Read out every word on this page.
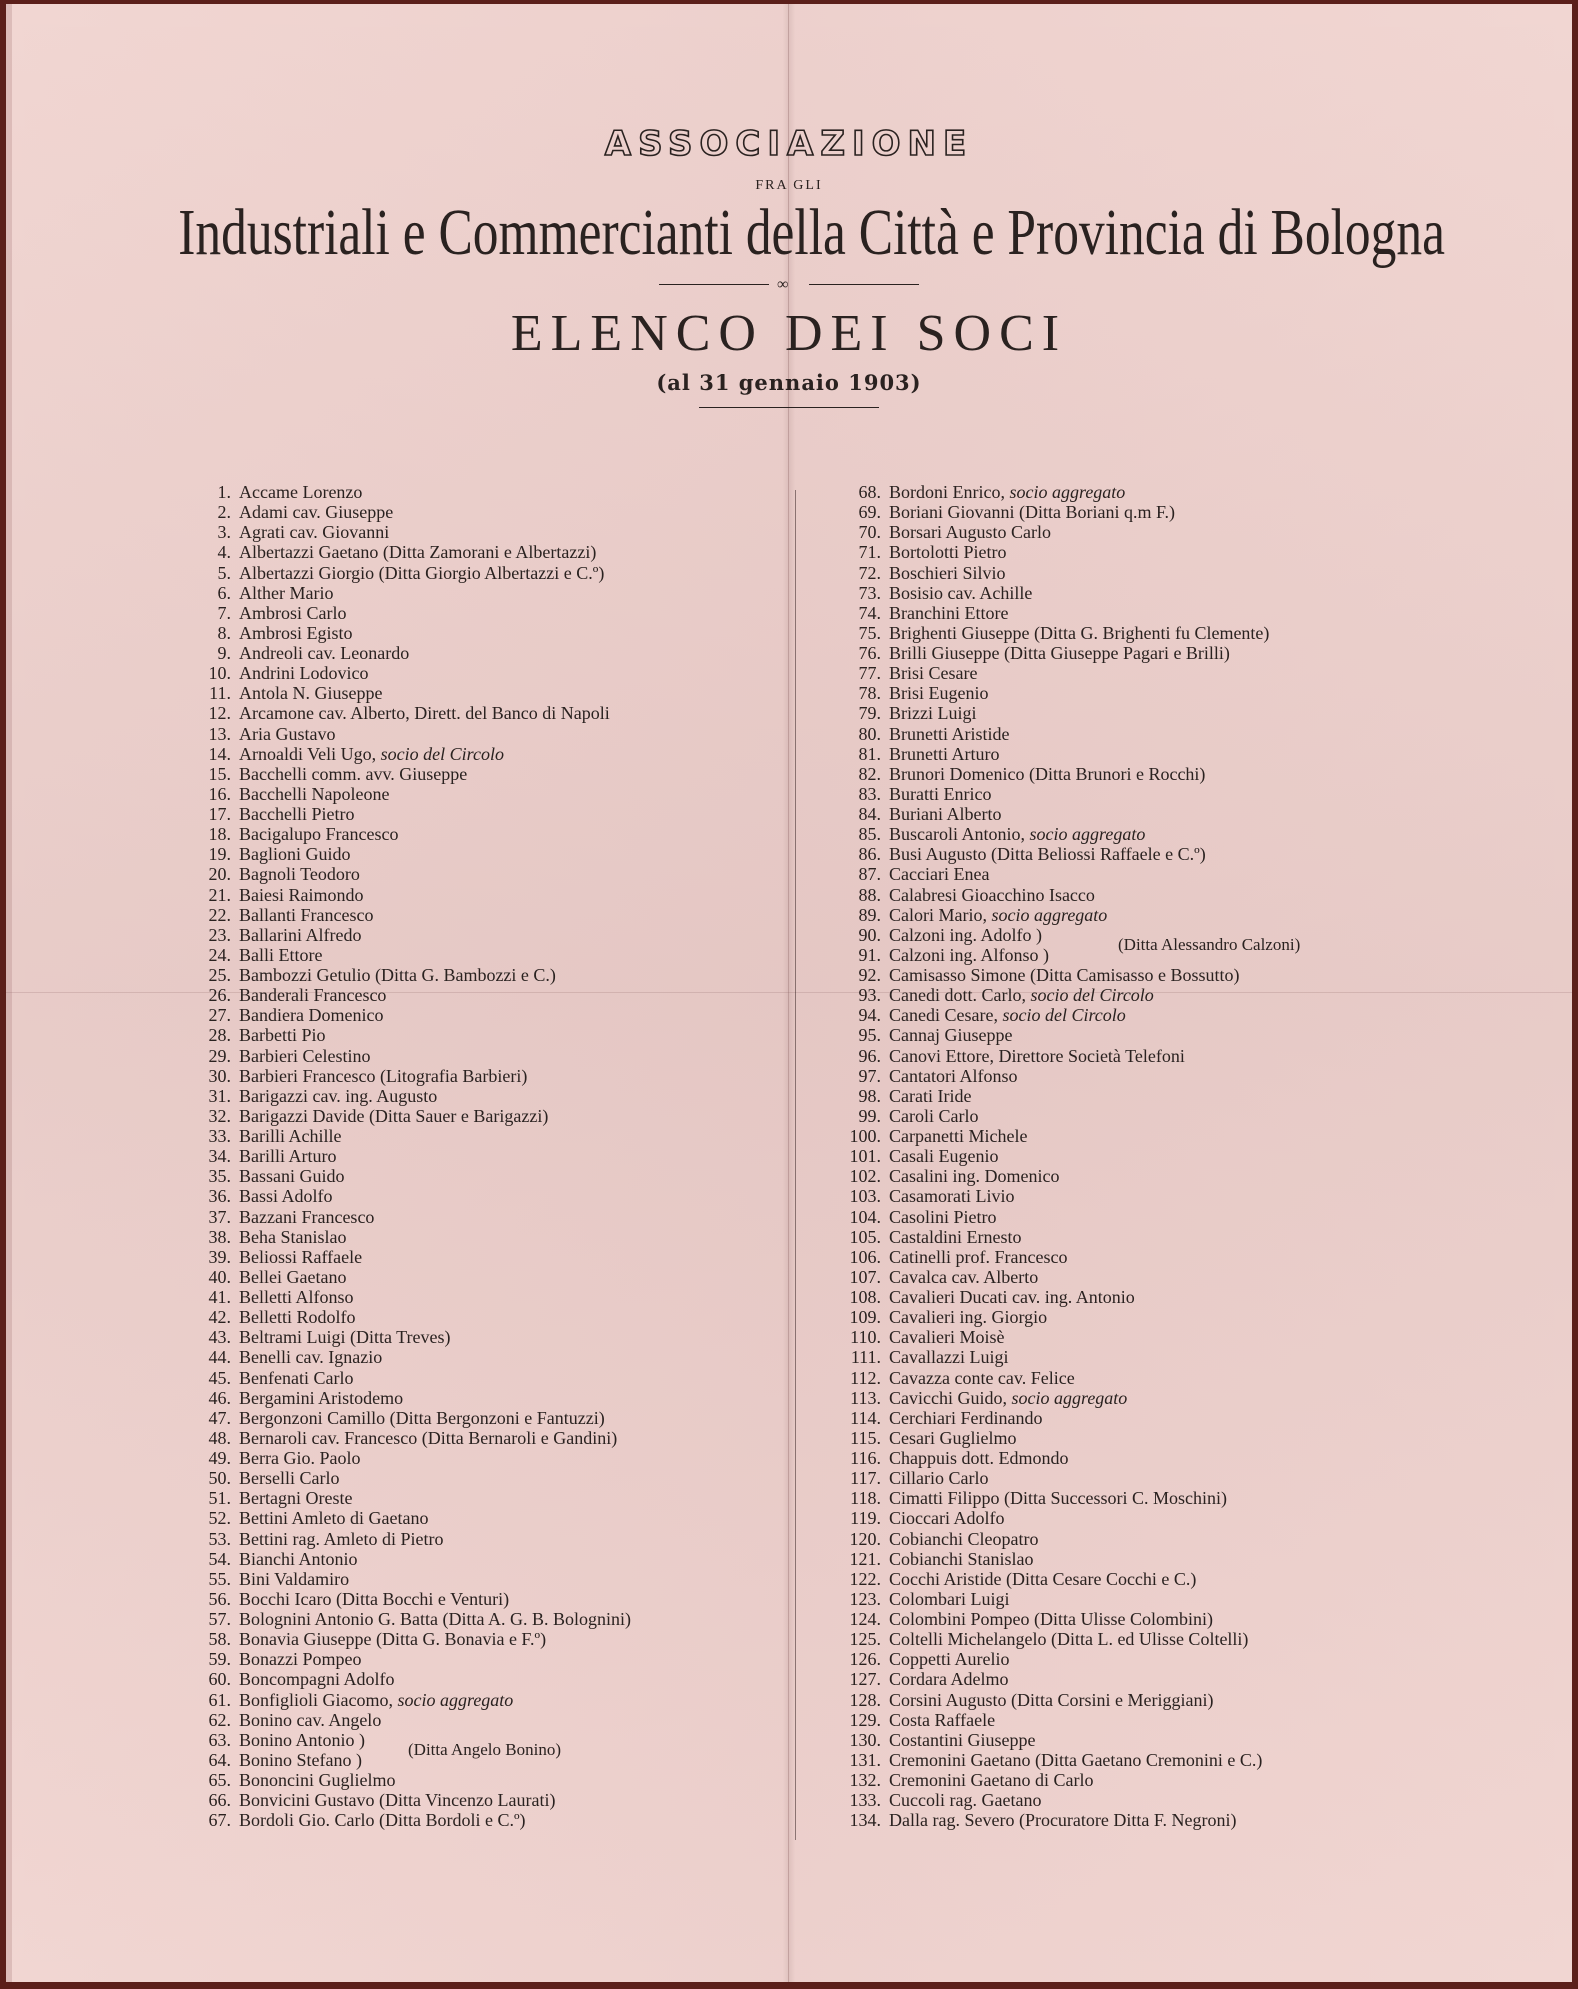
ASSOCIAZIONE
FRA GLI
Industriali e Commercianti della Città e Provincia di Bologna
∞
ELENCO DEI SOCI
(al 31 gennaio 1903)
1. Accame Lorenzo
2. Adami cav. Giuseppe
3. Agrati cav. Giovanni
4. Albertazzi Gaetano (Ditta Zamorani e Albertazzi)
5. Albertazzi Giorgio (Ditta Giorgio Albertazzi e C.º)
6. Alther Mario
7. Ambrosi Carlo
8. Ambrosi Egisto
9. Andreoli cav. Leonardo
10. Andrini Lodovico
11. Antola N. Giuseppe
12. Arcamone cav. Alberto, Dirett. del Banco di Napoli
13. Aria Gustavo
14. Arnoaldi Veli Ugo, socio del Circolo
15. Bacchelli comm. avv. Giuseppe
16. Bacchelli Napoleone
17. Bacchelli Pietro
18. Bacigalupo Francesco
19. Baglioni Guido
20. Bagnoli Teodoro
21. Baiesi Raimondo
22. Ballanti Francesco
23. Ballarini Alfredo
24. Balli Ettore
25. Bambozzi Getulio (Ditta G. Bambozzi e C.)
26. Banderali Francesco
27. Bandiera Domenico
28. Barbetti Pio
29. Barbieri Celestino
30. Barbieri Francesco (Litografia Barbieri)
31. Barigazzi cav. ing. Augusto
32. Barigazzi Davide (Ditta Sauer e Barigazzi)
33. Barilli Achille
34. Barilli Arturo
35. Bassani Guido
36. Bassi Adolfo
37. Bazzani Francesco
38. Beha Stanislao
39. Beliossi Raffaele
40. Bellei Gaetano
41. Belletti Alfonso
42. Belletti Rodolfo
43. Beltrami Luigi (Ditta Treves)
44. Benelli cav. Ignazio
45. Benfenati Carlo
46. Bergamini Aristodemo
47. Bergonzoni Camillo (Ditta Bergonzoni e Fantuzzi)
48. Bernaroli cav. Francesco (Ditta Bernaroli e Gandini)
49. Berra Gio. Paolo
50. Berselli Carlo
51. Bertagni Oreste
52. Bettini Amleto di Gaetano
53. Bettini rag. Amleto di Pietro
54. Bianchi Antonio
55. Bini Valdamiro
56. Bocchi Icaro (Ditta Bocchi e Venturi)
57. Bolognini Antonio G. Batta (Ditta A. G. B. Bolognini)
58. Bonavia Giuseppe (Ditta G. Bonavia e F.º)
59. Bonazzi Pompeo
60. Boncompagni Adolfo
61. Bonfiglioli Giacomo, socio aggregato
62. Bonino cav. Angelo
63. Bonino Antonio )	(Ditta Angelo Bonino)
64. Bonino Stefano )
65. Bononcini Guglielmo
66. Bonvicini Gustavo (Ditta Vincenzo Laurati)
67. Bordoli Gio. Carlo (Ditta Bordoli e C.º)
68. Bordoni Enrico, socio aggregato
69. Boriani Giovanni (Ditta Boriani q.m F.)
70. Borsari Augusto Carlo
71. Bortolotti Pietro
72. Boschieri Silvio
73. Bosisio cav. Achille
74. Branchini Ettore
75. Brighenti Giuseppe (Ditta G. Brighenti fu Clemente)
76. Brilli Giuseppe (Ditta Giuseppe Pagari e Brilli)
77. Brisi Cesare
78. Brisi Eugenio
79. Brizzi Luigi
80. Brunetti Aristide
81. Brunetti Arturo
82. Brunori Domenico (Ditta Brunori e Rocchi)
83. Buratti Enrico
84. Buriani Alberto
85. Buscaroli Antonio, socio aggregato
86. Busi Augusto (Ditta Beliossi Raffaele e C.º)
87. Cacciari Enea
88. Calabresi Gioacchino Isacco
89. Calori Mario, socio aggregato
90. Calzoni ing. Adolfo )	(Ditta Alessandro Calzoni)
91. Calzoni ing. Alfonso )
92. Camisasso Simone (Ditta Camisasso e Bossutto)
93. Canedi dott. Carlo, socio del Circolo
94. Canedi Cesare, socio del Circolo
95. Cannaj Giuseppe
96. Canovi Ettore, Direttore Società Telefoni
97. Cantatori Alfonso
98. Carati Iride
99. Caroli Carlo
100. Carpanetti Michele
101. Casali Eugenio
102. Casalini ing. Domenico
103. Casamorati Livio
104. Casolini Pietro
105. Castaldini Ernesto
106. Catinelli prof. Francesco
107. Cavalca cav. Alberto
108. Cavalieri Ducati cav. ing. Antonio
109. Cavalieri ing. Giorgio
110. Cavalieri Moisè
111. Cavallazzi Luigi
112. Cavazza conte cav. Felice
113. Cavicchi Guido, socio aggregato
114. Cerchiari Ferdinando
115. Cesari Guglielmo
116. Chappuis dott. Edmondo
117. Cillario Carlo
118. Cimatti Filippo (Ditta Successori C. Moschini)
119. Cioccari Adolfo
120. Cobianchi Cleopatro
121. Cobianchi Stanislao
122. Cocchi Aristide (Ditta Cesare Cocchi e C.)
123. Colombari Luigi
124. Colombini Pompeo (Ditta Ulisse Colombini)
125. Coltelli Michelangelo (Ditta L. ed Ulisse Coltelli)
126. Coppetti Aurelio
127. Cordara Adelmo
128. Corsini Augusto (Ditta Corsini e Meriggiani)
129. Costa Raffaele
130. Costantini Giuseppe
131. Cremonini Gaetano (Ditta Gaetano Cremonini e C.)
132. Cremonini Gaetano di Carlo
133. Cuccoli rag. Gaetano
134. Dalla rag. Severo (Procuratore Ditta F. Negroni)
